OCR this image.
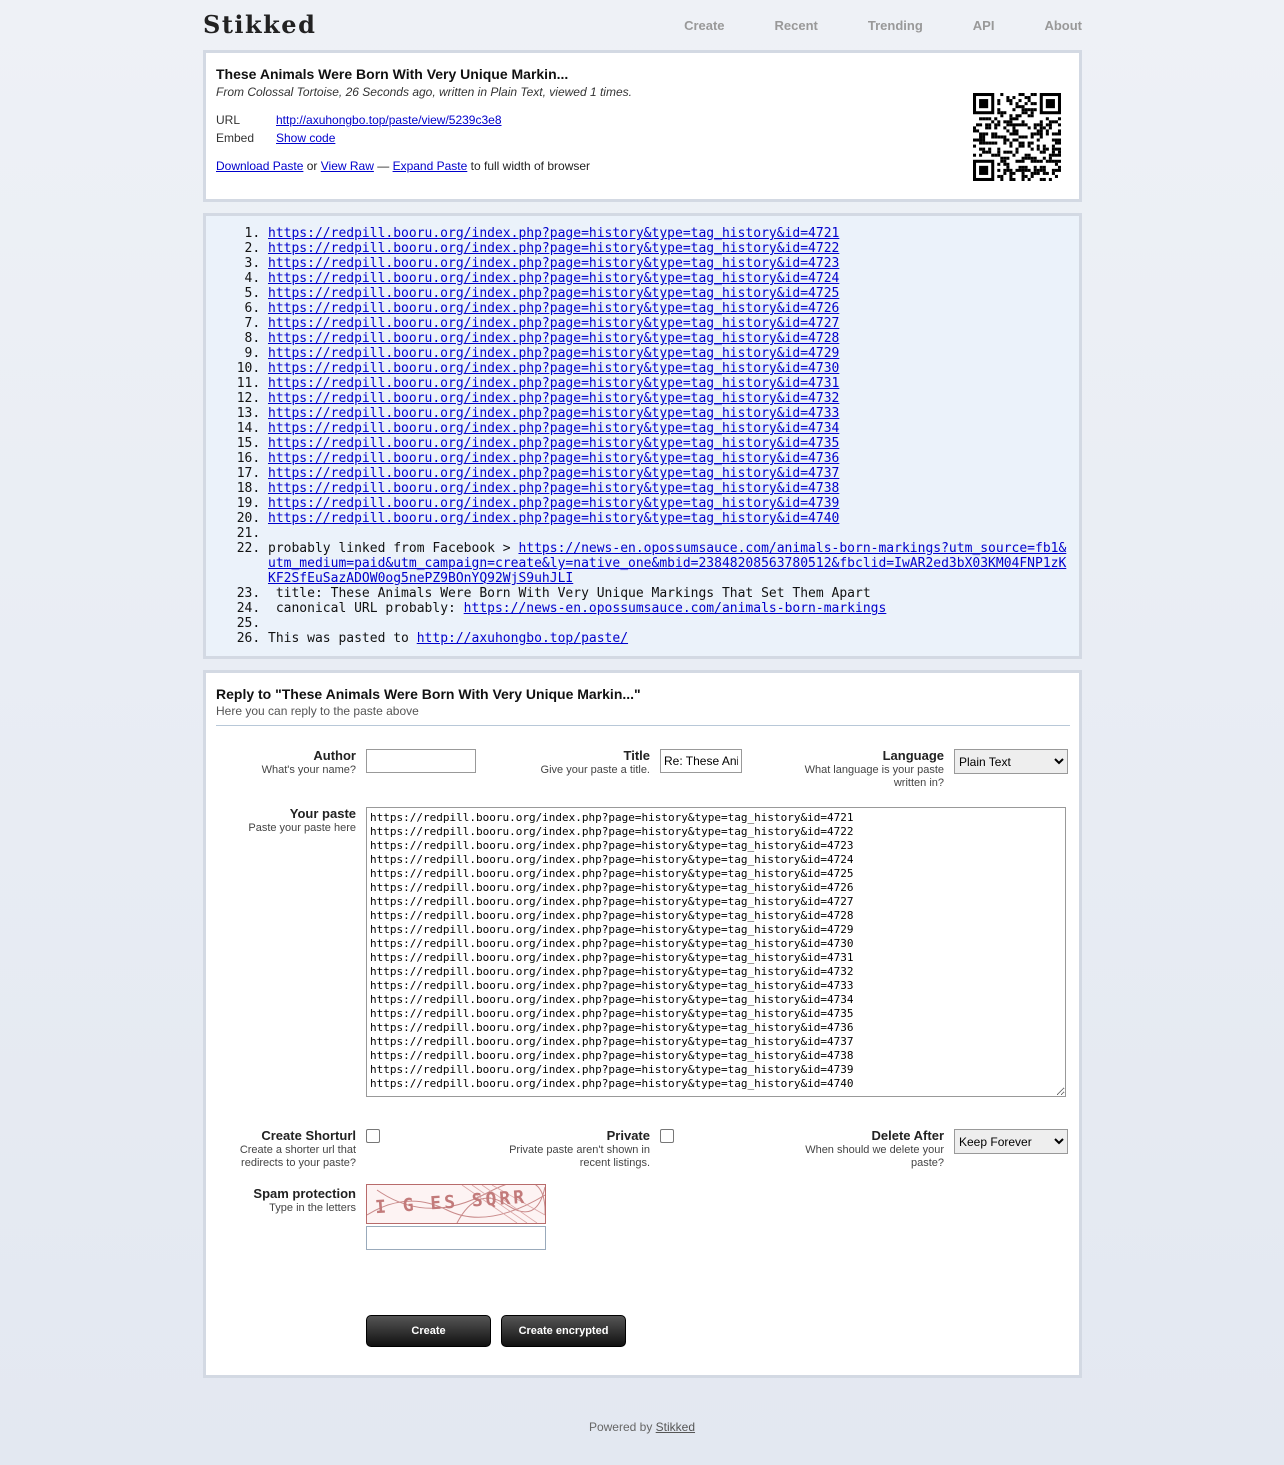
Stikked	Create	Recent	Trending	API	About
These Animals Were Born With Very Unique Markin...
From Colossal Tortoise, 26 Seconds ago, written in Plain Text, viewed 1 times.
URL	http://axuhongbo.top/paste/view/5239c3e8
Embed Show code
Download Paste or View Raw — Expand Paste to full width of browser
1. https://redpill.booru.org/index.php?page=history&type=tag_history&id=4721
2. https://redpill.booru.org/index.php?page=history&type=tag_history&id=4722
3. https://redpill.booru.org/index.php?page=history&type=tag_history&id=4723
4. https://redpill.booru.org/index.php?page=history&type=tag_history&id=4724
5. https://redpill.booru.org/index.php?page=history&type=tag_history&id=4725
6. https://redpill.booru.org/index.php?page=history&type=tag_history&id=4726
7. https://redpill.booru.org/index.php?page=history&type=tag_history&id=4727
8. https://redpill.booru.org/index.php?page=history&type=tag_history&id=4728
9. https://redpill.booru.org/index.php?page=history&type=tag_history&id=4729
10. https://redpill.booru.org/index.php?page=history&type=tag_history&id=4730
11. https://redpill.booru.org/index.php?page=history&type=tag_history&id=4731
12. https://redpill.booru.org/index.php?page=history&type=tag_history&id=4732
13. https://redpill.booru.org/index.php?page=history&type=tag_history&id=4733
14. https://redpill.booru.org/index.php?page=history&type=tag_history&id=4734
15. https://redpill.booru.org/index.php?page=history&type=tag_history&id=4735
16. https://redpill.booru.org/index.php?page=history&type=tag_history&id=4736
17. https://redpill.booru.org/index.php?page=history&type=tag_history&id=4737
18. https://redpill.booru.org/index.php?page=history&type=tag_history&id=4738
19. https://redpill.booru.org/index.php?page=history&type=tag_history&id=4739
20. https://redpill.booru.org/index.php?page=history&type=tag_history&id=4740
21.
22. probably linked from Facebook > https://news-en.opossumsauce.com/animals-born-markings?utm_source=fb1&utm_medium=paid&utm_campaign=create&ly=native_one&mbid=23848208563780512&fbclid=IwAR2ed3bX03KM04FNP1zKKF2SfEuSazADOW0og5nePZ9BOnYQ92WjS9uhJLI
23.  title: These Animals Were Born With Very Unique Markings That Set Them Apart
24.  canonical URL probably: https://news-en.opossumsauce.com/animals-born-markings
25.
26. This was pasted to http://axuhongbo.top/paste/
Reply to "These Animals Were Born With Very Unique Markin..."
Here you can reply to the paste above
Author
What's your name?
Title
Give your paste a title.
Re: These Animals
Language
What language is your paste written in?
Plain Text
Your paste
Paste your paste here
https://redpill.booru.org/index.php?page=history&type=tag_history&id=4721 https://redpill.booru.org/index.php?page=history&type=tag_history&id=4722 https://redpill.booru.org/index.php?page=history&type=tag_history&id=4723 https://redpill.booru.org/index.php?page=history&type=tag_history&id=4724 https://redpill.booru.org/index.php?page=history&type=tag_history&id=4725 https://redpill.booru.org/index.php?page=history&type=tag_history&id=4726 https://redpill.booru.org/index.php?page=history&type=tag_history&id=4727 https://redpill.booru.org/index.php?page=history&type=tag_history&id=4728 https://redpill.booru.org/index.php?page=history&type=tag_history&id=4729 https://redpill.booru.org/index.php?page=history&type=tag_history&id=4730 https://redpill.booru.org/index.php?page=history&type=tag_history&id=4731 https://redpill.booru.org/index.php?page=history&type=tag_history&id=4732 https://redpill.booru.org/index.php?page=history&type=tag_history&id=4733 https://redpill.booru.org/index.php?page=history&type=tag_history&id=4734 https://redpill.booru.org/index.php?page=history&type=tag_history&id=4735 https://redpill.booru.org/index.php?page=history&type=tag_history&id=4736 https://redpill.booru.org/index.php?page=history&type=tag_history&id=4737 https://redpill.booru.org/index.php?page=history&type=tag_history&id=4738 https://redpill.booru.org/index.php?page=history&type=tag_history&id=4739 https://redpill.booru.org/index.php?page=history&type=tag_history&id=4740
Create Shorturl
Create a shorter url that redirects to your paste?
Private
Private paste aren't shown in recent listings.
Delete After
When should we delete your paste?
Keep Forever
Spam protection
Type in the letters I G ES SQRR
Create	Create encrypted
Powered by Stikked
